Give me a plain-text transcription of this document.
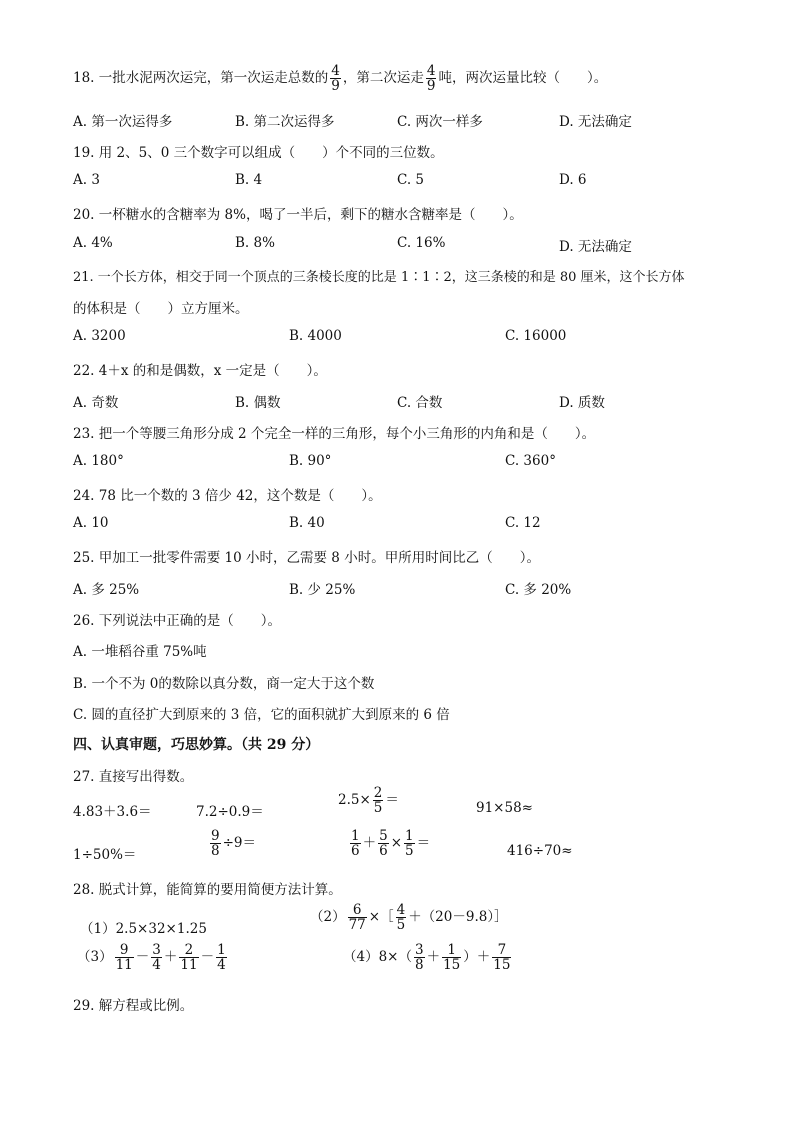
18. 一批水泥两次运完，第一次运走总数的 $\frac{4}{9}$ ，第二次运走 $\frac{4}{9}$ 吨，两次运量比较（　　）。
A. 第一次运得多	B. 第二次运得多	C. 两次一样多	D. 无法确定
19. 用 2、5、0 三个数字可以组成（　　）个不同的三位数。
A. 3	B. 4	C. 5	D. 6
20. 一杯糖水的含糖率为 8%，喝了一半后，剩下的糖水含糖率是（　　）。
A. 4%	B. 8%	C. 16%	D. 无法确定
21. 一个长方体，相交于同一个顶点的三条棱长度的比是 1∶1∶2，这三条棱的和是 80 厘米，这个长方体
的体积是（　　）立方厘米。
A. 3200	B. 4000	C. 16000
22. 4＋x 的和是偶数，x 一定是（　　）。
A. 奇数	B. 偶数	C. 合数	D. 质数
23. 把一个等腰三角形分成 2 个完全一样的三角形，每个小三角形的内角和是（　　）。
A. 180°	B. 90°	C. 360°
24. 78 比一个数的 3 倍少 42，这个数是（　　）。
A. 10	B. 40	C. 12
25. 甲加工一批零件需要 10 小时，乙需要 8 小时。甲所用时间比乙（　　）。
A. 多 25%	B. 少 25%	C. 多 20%
26. 下列说法中正确的是（　　）。
A. 一堆稻谷重 75%吨
B. 一个不为 0的数除以真分数，商一定大于这个数
C. 圆的直径扩大到原来的 3 倍，它的面积就扩大到原来的 6 倍
四、认真审题，巧思妙算。（共 29 分）
27. 直接写出得数。
4.83＋3.6＝	7.2÷0.9＝
$2.5\times \frac{2}{5}$ ＝	91×58≈
1÷50%＝	$\frac{9}{8} \div 9=$	$\frac{1}{6} + \frac{5}{6} \times \frac{1}{5}$ ＝	416÷70≈
28. 脱式计算，能简算的要用简便方法计算。
（1）2.5×32×1.25
$(2) \frac{6}{77}$ ×［ $\frac{4}{5}$ ＋（20－9.8）］
$(3) \frac{9}{11} - \frac{3}{4} + \frac{2}{11} - \frac{1}{4}$	$(4)8\times( \frac{3}{8} + \frac{1}{15}$ ）＋ $\frac{7}{15}$
29. 解方程或比例。
